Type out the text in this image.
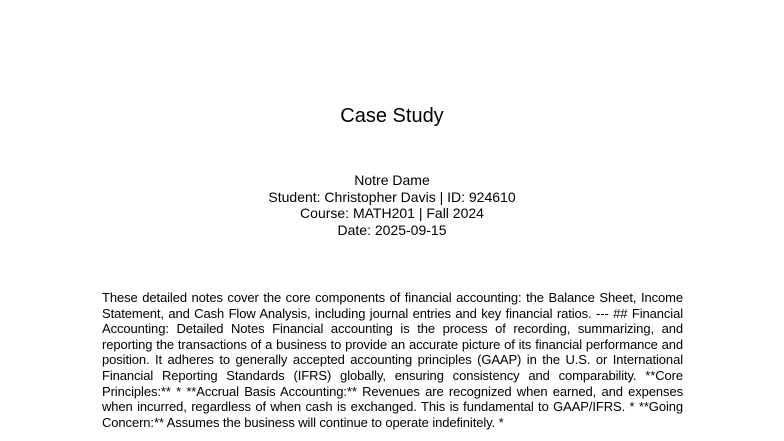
Case Study
Notre Dame
Student: Christopher Davis | ID: 924610
Course: MATH201 | Fall 2024
Date: 2025-09-15
These detailed notes cover the core components of financial accounting: the Balance Sheet, Income Statement, and Cash Flow Analysis, including journal entries and key financial ratios. --- ## Financial Accounting: Detailed Notes Financial accounting is the process of recording, summarizing, and reporting the transactions of a business to provide an accurate picture of its financial performance and position. It adheres to generally accepted accounting principles (GAAP) in the U.S. or International Financial Reporting Standards (IFRS) globally, ensuring consistency and comparability. **Core Principles:** * **Accrual Basis Accounting:** Revenues are recognized when earned, and expenses when incurred, regardless of when cash is exchanged. This is fundamental to GAAP/IFRS. * **Going Concern:** Assumes the business will continue to operate indefinitely. *
